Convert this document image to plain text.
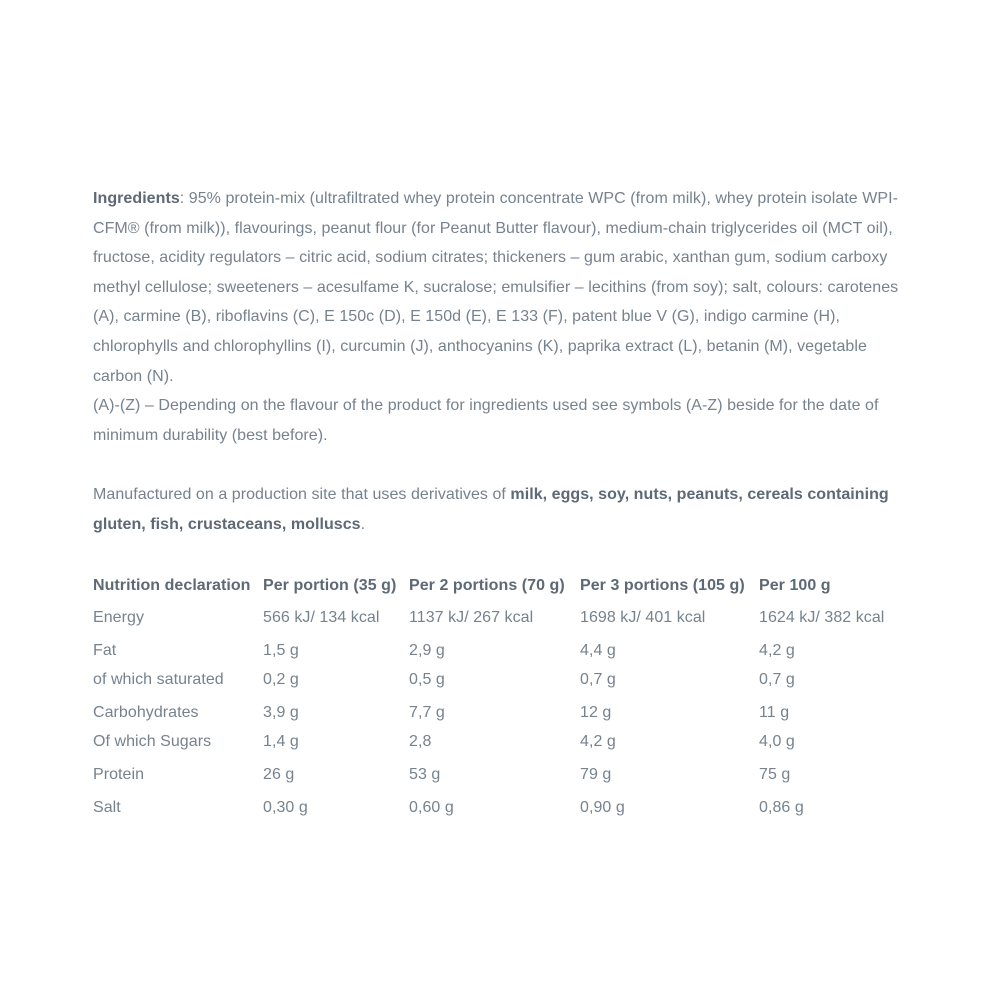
Ingredients: 95% protein-mix (ultrafiltrated whey protein concentrate WPC (from milk), whey protein isolate WPI-CFM® (from milk)), flavourings, peanut flour (for Peanut Butter flavour), medium-chain triglycerides oil (MCT oil), fructose, acidity regulators – citric acid, sodium citrates; thickeners – gum arabic, xanthan gum, sodium carboxy methyl cellulose; sweeteners – acesulfame K, sucralose; emulsifier – lecithins (from soy); salt, colours: carotenes (A), carmine (B), riboflavins (C), E 150c (D), E 150d (E), E 133 (F), patent blue V (G), indigo carmine (H), chlorophylls and chlorophyllins (I), curcumin (J), anthocyanins (K), paprika extract (L), betanin (M), vegetable carbon (N).

(A)-(Z) – Depending on the flavour of the product for ingredients used see symbols (A-Z) beside for the date of minimum durability (best before).

Manufactured on a production site that uses derivatives of milk, eggs, soy, nuts, peanuts, cereals containing gluten, fish, crustaceans, molluscs.

Nutrition declaration Per portion (35 g) Per 2 portions (70 g) Per 3 portions (105 g) Per 100 g
Energy	566 kJ/ 134 kcal	1137 kJ/ 267 kcal	1698 kJ/ 401 kcal	1624 kJ/ 382 kcal
Fat	1,5 g	2,9 g	4,4 g	4,2 g
of which saturated	0,2 g	0,5 g	0,7 g	0,7 g
Carbohydrates	3,9 g	7,7 g	12 g	11 g
Of which Sugars	1,4 g	2,8	4,2 g	4,0 g
Protein	26 g	53 g	79 g	75 g
Salt	0,30 g	0,60 g	0,90 g	0,86 g
